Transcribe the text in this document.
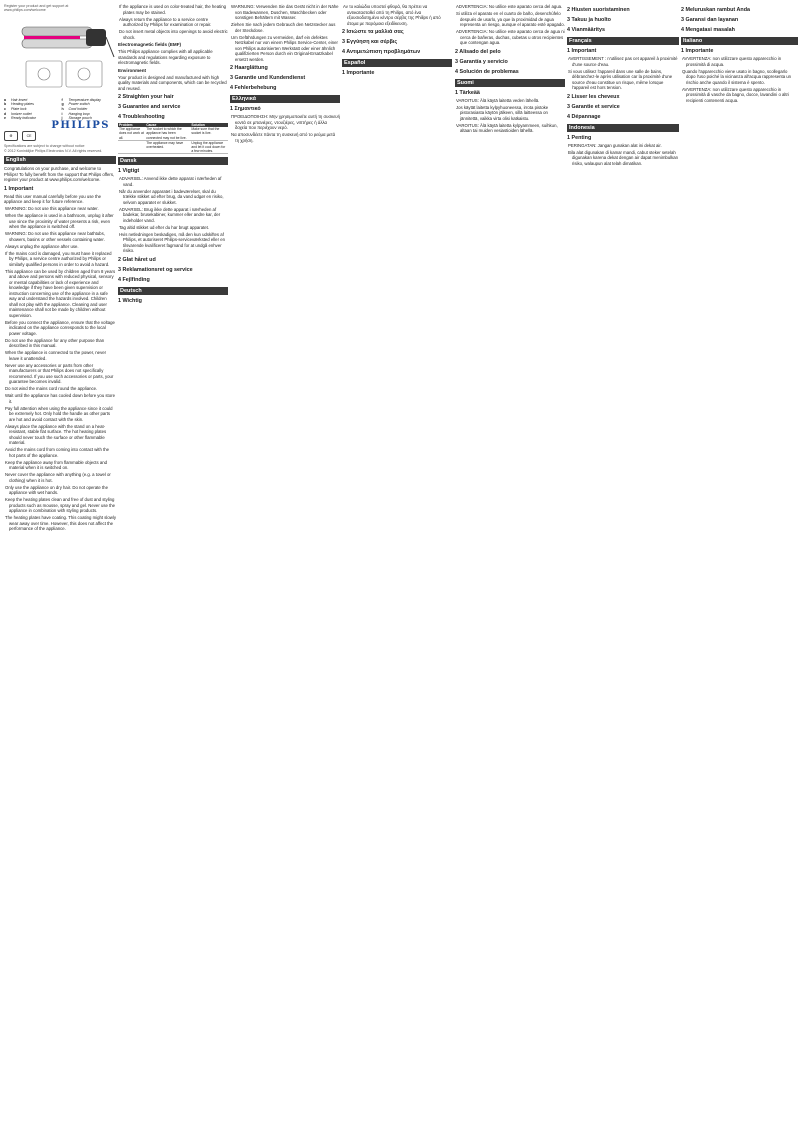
Register your product and get support at
www.philips.com/welcome
a Hair insert	f Temperature display
b Heating plates	g Power switch
c Plate lock	h Cord holder
d Ionizer outlet	i Hanging loop
e Ready indicator	j Storage pouch
PHILIPS
♻	CE
Specifications are subject to change without notice
© 2012 Koninklijke Philips Electronics N.V. All rights reserved.
English
Congratulations on your purchase, and welcome to Philips! To fully benefit from the support that Philips offers, register your product at www.philips.com/welcome.
1 Important
Read this user manual carefully before you use the appliance and keep it for future reference.
WARNING: Do not use this appliance near water.
When the appliance is used in a bathroom, unplug it after use since the proximity of water presents a risk, even when the appliance is switched off.
WARNING: Do not use this appliance near bathtubs, showers, basins or other vessels containing water.
Always unplug the appliance after use.
If the mains cord is damaged, you must have it replaced by Philips, a service centre authorized by Philips or similarly qualified persons in order to avoid a hazard.
This appliance can be used by children aged from 8 years and above and persons with reduced physical, sensory or mental capabilities or lack of experience and knowledge if they have been given supervision or instruction concerning use of the appliance in a safe way and understand the hazards involved. Children shall not play with the appliance. Cleaning and user maintenance shall not be made by children without supervision.
Before you connect the appliance, ensure that the voltage indicated on the appliance corresponds to the local power voltage.
Do not use the appliance for any other purpose than described in this manual.
When the appliance is connected to the power, never leave it unattended.
Never use any accessories or parts from other manufacturers or that Philips does not specifically recommend. If you use such accessories or parts, your guarantee becomes invalid.
Do not wind the mains cord round the appliance.
Wait until the appliance has cooled down before you store it.
Pay full attention when using the appliance since it could be extremely hot. Only hold the handle as other parts are hot and avoid contact with the skin.
Always place the appliance with the stand on a heat-resistant, stable flat surface. The hot heating plates should never touch the surface or other flammable material.
Avoid the mains cord from coming into contact with the hot parts of the appliance.
Keep the appliance away from flammable objects and material when it is switched on.
Never cover the appliance with anything (e.g. a towel or clothing) when it is hot.
Only use the appliance on dry hair. Do not operate the appliance with wet hands.
Keep the heating plates clean and free of dust and styling products such as mousse, spray and gel. Never use the appliance in combination with styling products.
The heating plates have coating. This coating might slowly wear away over time. However, this does not affect the performance of the appliance.
If the appliance is used on color-treated hair, the heating plates may be stained.
Always return the appliance to a service centre authorized by Philips for examination or repair.
Do not insert metal objects into openings to avoid electric shock.
Electromagnetic fields (EMF)
This Philips appliance complies with all applicable standards and regulations regarding exposure to electromagnetic fields.
Environment
Your product is designed and manufactured with high quality materials and components, which can be recycled and reused.
2 Straighten your hair
3 Guarantee and service
4 Troubleshooting
Problem	Cause	Solution
The appliance does not work at all.	The socket to which the appliance has been connected may not be live.	Make sure that the socket is live.
	The appliance may have overheated.	Unplug the appliance and let it cool down for a few minutes.
Dansk
1 Vigtigt
ADVARSEL: Anvend ikke dette apparat i nærheden af vand.
Når du anvender apparatet i badeværelset, skal du trække stikket ud efter brug, da vand udgør en risiko, selvom apparatet er slukket.
ADVARSEL: Brug ikke dette apparat i nærheden af badekar, brusekabiner, kummer eller andre kar, der indeholder vand.
Tag altid stikket ud efter du har brugt apparatet.
Hvis netledningen beskadiges, må den kun udskiftes af Philips, et autoriseret Philips-serviceværksted eller en tilsvarende kvalificeret fagmand for at undgå enhver risiko.
2 Glat håret ud
3 Reklamationsret og service
4 Fejlfinding
Deutsch
1 Wichtig
WARNUNG: Verwenden Sie das Gerät nicht in der Nähe von Badewannen, Duschen, Waschbecken oder sonstigen Behältern mit Wasser.
Ziehen Sie nach jedem Gebrauch den Netzstecker aus der Steckdose.
Um Gefährdungen zu vermeiden, darf ein defektes Netzkabel nur von einem Philips Service-Center, einer von Philips autorisierten Werkstatt oder einer ähnlich qualifizierten Person durch ein Original-Ersatzkabel ersetzt werden.
2 Haarglättung
3 Garantie und Kundendienst
4 Fehlerbehebung
Ελληνικά
1 Σημαντικό
ΠΡΟΕΙΔΟΠΟΙΗΣΗ: Μην χρησιμοποιείτε αυτή τη συσκευή κοντά σε μπανιέρες, ντουζιέρες, νιπτήρες ή άλλα δοχεία που περιέχουν νερό.
Να αποσυνδέετε πάντα τη συσκευή από το ρεύμα μετά τη χρήση.
Αν το καλώδιο υποστεί φθορά, θα πρέπει να αντικατασταθεί από τη Philips, από ένα εξουσιοδοτημένο κέντρο σέρβις της Philips ή από άτομα με παρόμοια εξειδίκευση.
2 Ισιώστε τα μαλλιά σας
3 Εγγύηση και σέρβις
4 Αντιμετώπιση προβλημάτων
Español
1 Importante
ADVERTENCIA: No utilice este aparato cerca del agua.
Si utiliza el aparato en el cuarto de baño, desenchúfelo después de usarlo, ya que la proximidad de agua representa un riesgo, aunque el aparato esté apagado.
ADVERTENCIA: No utilice este aparato cerca de agua ni cerca de bañeras, duchas, cubetas u otros recipientes que contengan agua.
2 Alisado del pelo
3 Garantía y servicio
4 Solución de problemas
Suomi
1 Tärkeää
VAROITUS: Älä käytä laitetta veden lähellä.
Jos käytät laitetta kylpyhuoneessa, irrota pistoke pistorasiasta käytön jälkeen, sillä laitteessa on jännitettä, vaikka virta olisi katkaistu.
VAROITUS: Älä käytä laitetta kylpyammeen, suihkun, altaan tai muiden vesiastioiden lähellä.
2 Hiusten suoristaminen
3 Takuu ja huolto
4 Vianmääritys
Français
1 Important
AVERTISSEMENT : n'utilisez pas cet appareil à proximité d'une source d'eau.
Si vous utilisez l'appareil dans une salle de bains, débranchez-le après utilisation car la proximité d'une source d'eau constitue un risque, même lorsque l'appareil est hors tension.
2 Lisser les cheveux
3 Garantie et service
4 Dépannage
Indonesia
1 Penting
PERINGATAN: Jangan gunakan alat ini dekat air.
Bila alat digunakan di kamar mandi, cabut steker setelah digunakan karena dekat dengan air dapat menimbulkan risiko, walaupun alat telah dimatikan.
2 Meluruskan rambut Anda
3 Garansi dan layanan
4 Mengatasi masalah
Italiano
1 Importante
AVVERTENZA: non utilizzare questo apparecchio in prossimità di acqua.
Quando l'apparecchio viene usato in bagno, scollegarlo dopo l'uso poiché la vicinanza all'acqua rappresenta un rischio anche quando il sistema è spento.
AVVERTENZA: non utilizzare questo apparecchio in prossimità di vasche da bagno, docce, lavandini o altri recipienti contenenti acqua.
